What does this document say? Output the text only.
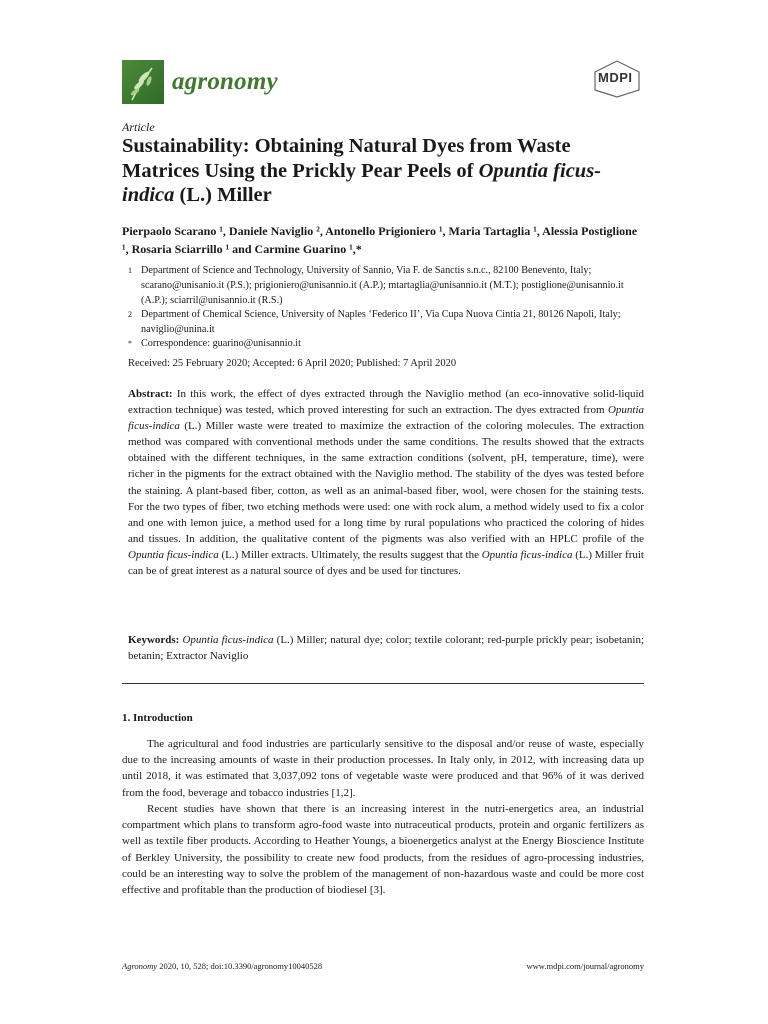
agronomy	MDPI
Article
Sustainability: Obtaining Natural Dyes from Waste Matrices Using the Prickly Pear Peels of Opuntia ficus-indica (L.) Miller
Pierpaolo Scarano ¹, Daniele Naviglio ², Antonello Prigioniero ¹, Maria Tartaglia ¹, Alessia Postiglione ¹, Rosaria Sciarrillo ¹ and Carmine Guarino ¹,*
1 Department of Science and Technology, University of Sannio, Via F. de Sanctis s.n.c., 82100 Benevento, Italy; scarano@unisanio.it (P.S.); prigioniero@unisannio.it (A.P.); mtartaglia@unisannio.it (M.T.); postiglione@unisannio.it (A.P.); sciarril@unisannio.it (R.S.)
2 Department of Chemical Science, University of Naples ‘Federico II’, Via Cupa Nuova Cintia 21, 80126 Napoli, Italy; naviglio@unina.it
* Correspondence: guarino@unisannio.it
Received: 25 February 2020; Accepted: 6 April 2020; Published: 7 April 2020

Abstract: In this work, the effect of dyes extracted through the Naviglio method (an eco-innovative solid-liquid extraction technique) was tested, which proved interesting for such an extraction. The dyes extracted from Opuntia ficus-indica (L.) Miller waste were treated to maximize the extraction of the coloring molecules. The extraction method was compared with conventional methods under the same conditions. The results showed that the extracts obtained with the different techniques, in the same extraction conditions (solvent, pH, temperature, time), were richer in the pigments for the extract obtained with the Naviglio method. The stability of the dyes was tested before the staining. A plant-based fiber, cotton, as well as an animal-based fiber, wool, were chosen for the staining tests. For the two types of fiber, two etching methods were used: one with rock alum, a method widely used to fix a color and one with lemon juice, a method used for a long time by rural populations who practiced the coloring of hides and tissues. In addition, the qualitative content of the pigments was also verified with an HPLC profile of the Opuntia ficus-indica (L.) Miller extracts. Ultimately, the results suggest that the Opuntia ficus-indica (L.) Miller fruit can be of great interest as a natural source of dyes and be used for tinctures.

Keywords: Opuntia ficus-indica (L.) Miller; natural dye; color; textile colorant; red-purple prickly pear; isobetanin; betanin; Extractor Naviglio

1. Introduction

The agricultural and food industries are particularly sensitive to the disposal and/or reuse of waste, especially due to the increasing amounts of waste in their production processes. In Italy only, in 2012, with increasing data up until 2018, it was estimated that 3,037,092 tons of vegetable waste were produced and that 96% of it was derived from the food, beverage and tobacco industries [1,2].

Recent studies have shown that there is an increasing interest in the nutri-energetics area, an industrial compartment which plans to transform agro-food waste into nutraceutical products, protein and organic fertilizers as well as textile fiber products. According to Heather Youngs, a bioenergetics analyst at the Energy Bioscience Institute of Berkley University, the possibility to create new food products, from the residues of agro-processing industries, could be an interesting way to solve the problem of the management of non-hazardous waste and could be more cost effective and profitable than the production of biodiesel [3].

Agronomy 2020, 10, 528; doi:10.3390/agronomy10040528	www.mdpi.com/journal/agronomy
